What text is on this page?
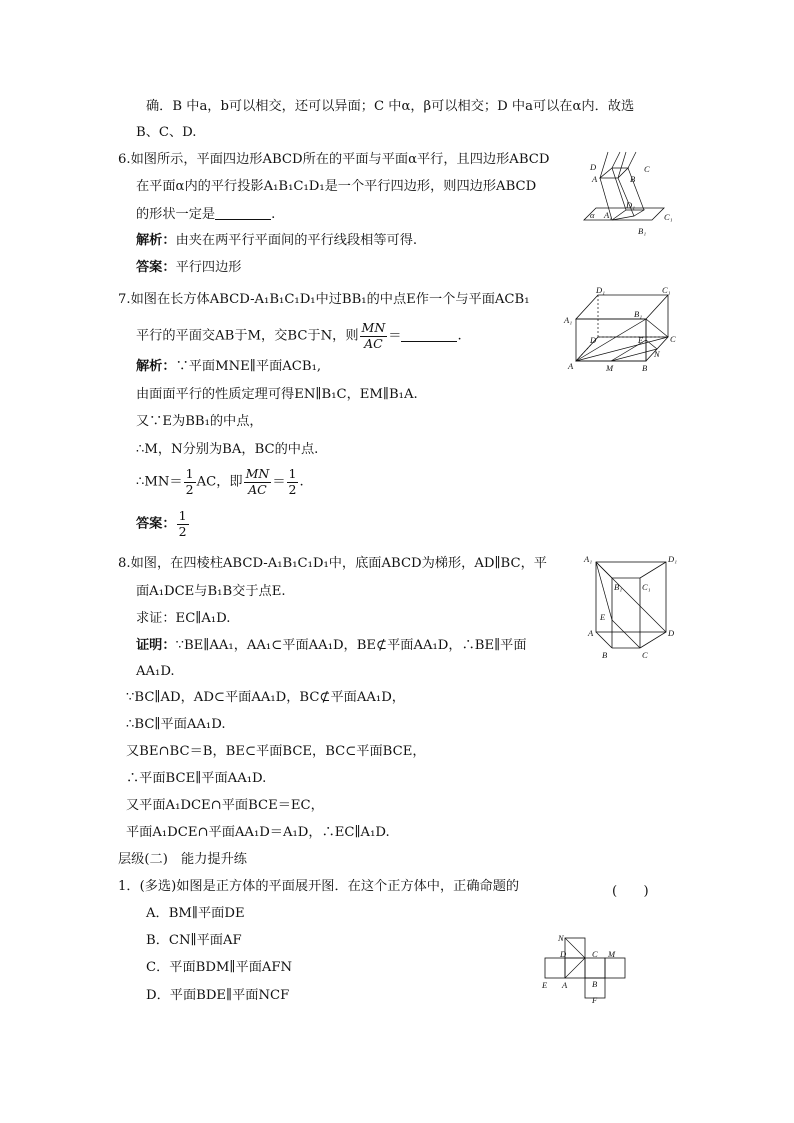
确．B 中a，b可以相交，还可以异面；C 中α，β可以相交；D 中a可以在α内．故选
B、C、D.
6.如图所示，平面四边形ABCD所在的平面与平面α平行，且四边形ABCD
在平面α内的平行投影A₁B₁C₁D₁是一个平行四边形，则四边形ABCD
的形状一定是	.
解析：由夹在两平行平面间的平行线段相等可得.
答案：平行四边形
D	C
A	B
α
D₁
A₁	C₁
B₁
7.如图在长方体ABCD-A₁B₁C₁D₁中过BB₁的中点E作一个与平面ACB₁
平行的平面交AB于M，交BC于N，则 $\frac{MN}{AC}$ ＝	.
解析：∵平面MNE∥平面ACB₁,
由面面平行的性质定理可得EN∥B₁C，EM∥B₁A.
又∵E为BB₁的中点，
∴M，N分别为BA，BC的中点.
∴MN＝ $\frac{1}{2}$ AC，即 $\frac{MN}{AC} = \frac{1}{2}$ .
答案： $\frac{1}{2}$
D₁	C₁
A₁
B₁
D	E	C
N
A	M	B
8.如图，在四棱柱ABCD-A₁B₁C₁D₁中，底面ABCD为梯形，AD∥BC，平
面A₁DCE与B₁B交于点E.
求证：EC∥A₁D.
证明：∵BE∥AA₁，AA₁⊂平面AA₁D，BE⊄平面AA₁D，∴BE∥平面
AA₁D.
∵BC∥AD，AD⊂平面AA₁D，BC⊄平面AA₁D，
∴BC∥平面AA₁D.
又BE∩BC＝B，BE⊂平面BCE，BC⊂平面BCE，
∴平面BCE∥平面AA₁D.
又平面A₁DCE∩平面BCE＝EC，
平面A₁DCE∩平面AA₁D＝A₁D，∴EC∥A₁D.
A₁	D₁
B₁ C₁
E
A	D
B	C
层级(二)　能力提升练
1．(多选)如图是正方体的平面展开图．在这个正方体中，正确命题的	(　　)
A．BM∥平面DE
B．CN∥平面AF
C．平面BDM∥平面AFN
D．平面BDE∥平面NCF
N
D	C M
E A	B
F
